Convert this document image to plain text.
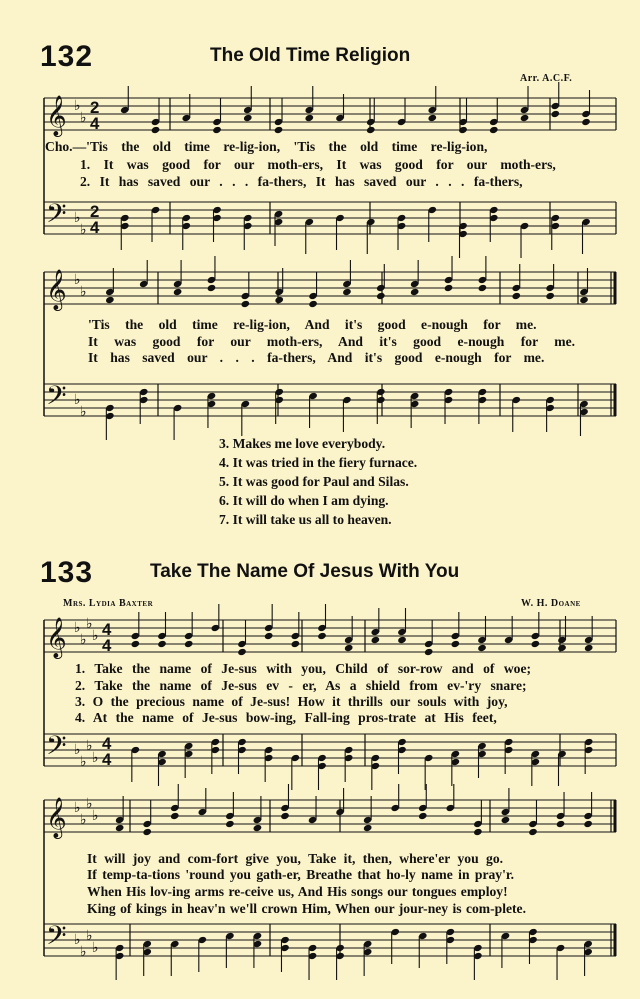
132	The Old Time Religion
Arr. A.C.F.
𝄞 ♭
♭
2
4
𝄢 ♭
♭
2
4
Cho.—'Tis the old time re-lig-ion, 'Tis the old time re-lig-ion,
1. It was good for our moth-ers, It was good for our moth-ers,
2. It has saved our . . . fa-thers, It has saved our . . . fa-thers,
𝄞 ♭
♭
𝄢 ♭
♭
'Tis the old time re-lig-ion, And it's good e-nough for me.
It was good for our moth-ers, And it's good e-nough for me.
It has saved our . . . fa-thers, And it's good e-nough for me.
3. Makes me love everybody.
4. It was tried in the fiery furnace.
5. It was good for Paul and Silas.
6. It will do when I am dying.
7. It will take us all to heaven.
133	Take The Name Of Jesus With You
Mrs. Lydia Baxter	W. H. Doane
𝄞 ♭
♭
♭
♭ 4
4
𝄢 ♭
♭
♭
♭
4
4
1. Take the name of Je-sus with you, Child of sor-row and of woe;
2. Take the name of Je-sus ev - er, As a shield from ev-'ry snare;
3. O the precious name of Je-sus! How it thrills our souls with joy,
4. At the name of Je-sus bow-ing, Fall-ing pros-trate at His feet,
𝄞 ♭
♭
♭
♭
𝄢 ♭
♭
♭
♭
It will joy and com-fort give you, Take it, then, where'er you go.
If temp-ta-tions 'round you gath-er, Breathe that ho-ly name in pray'r.
When His lov-ing arms re-ceive us, And His songs our tongues employ!
King of kings in heav'n we'll crown Him, When our jour-ney is com-plete.
